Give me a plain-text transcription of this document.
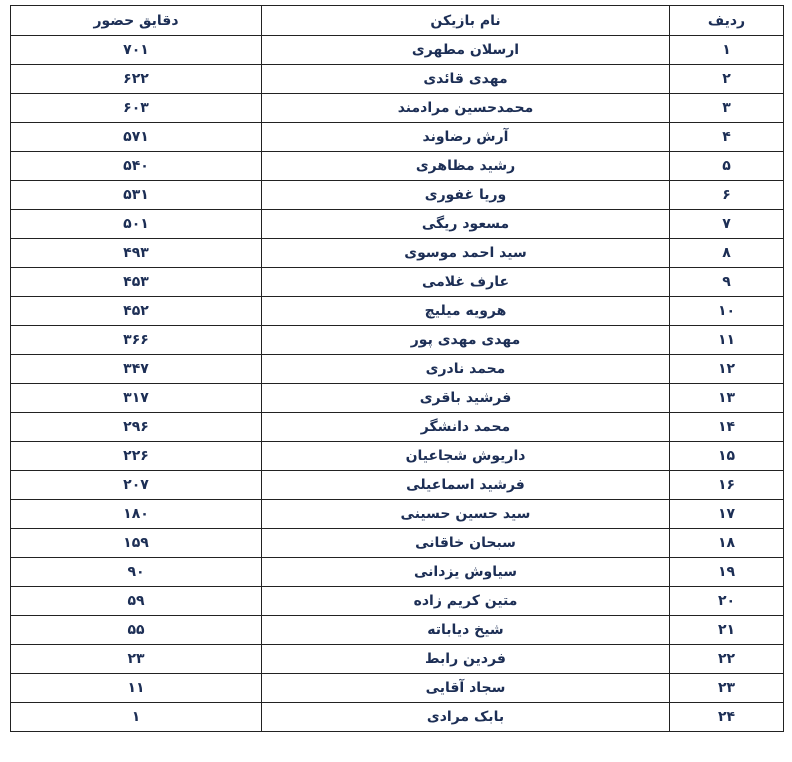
ردیف	نام بازیکن	دقایق حضور
۱	ارسلان مطهری	۷۰۱
۲	مهدی قائدی	۶۲۲
۳	محمدحسین مرادمند	۶۰۳
۴	آرش رضاوند	۵۷۱
۵	رشید مظاهری	۵۴۰
۶	وریا غفوری	۵۳۱
۷	مسعود ریگی	۵۰۱
۸	سید احمد موسوی	۴۹۳
۹	عارف غلامی	۴۵۳
۱۰	هرویه میلیچ	۴۵۲
۱۱	مهدی مهدی پور	۳۶۶
۱۲	محمد نادری	۳۴۷
۱۳	فرشید باقری	۳۱۷
۱۴	محمد دانشگر	۲۹۶
۱۵	داریوش شجاعیان	۲۲۶
۱۶	فرشید اسماعیلی	۲۰۷
۱۷	سید حسین حسینی	۱۸۰
۱۸	سبحان خاقانی	۱۵۹
۱۹	سیاوش یزدانی	۹۰
۲۰	متین کریم زاده	۵۹
۲۱	شیخ دیاباته	۵۵
۲۲	فردین رابط	۲۳
۲۳	سجاد آقایی	۱۱
۲۴	بابک مرادی	۱
